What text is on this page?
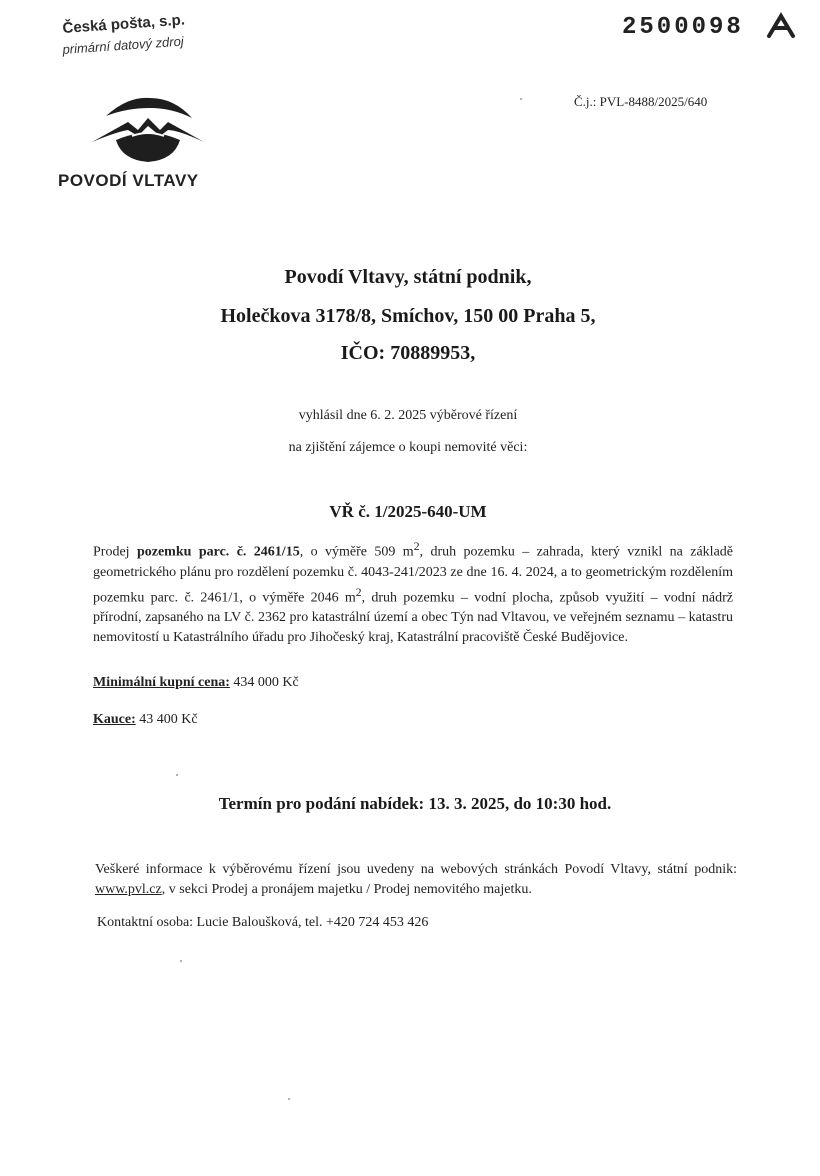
Česká pošta, s.p.
primární datový zdroj
2500098
Č.j.: PVL-8488/2025/640
POVODÍ VLTAVY
Povodí Vltavy, státní podnik,
Holečkova 3178/8, Smíchov, 150 00 Praha 5,
IČO: 70889953,
vyhlásil dne 6. 2. 2025 výběrové řízení
na zjištění zájemce o koupi nemovité věci:
VŘ č. 1/2025-640-UM
Prodej pozemku parc. č. 2461/15, o výměře 509 $m^2$, druh pozemku – zahrada, který vznikl na základě geometrického plánu pro rozdělení pozemku č. 4043-241/2023 ze dne 16. 4. 2024, a to geometrickým rozdělením pozemku parc. č. 2461/1, o výměře 2046 $m^2$, druh pozemku – vodní plocha, způsob využití – vodní nádrž přírodní, zapsaného na LV č. 2362 pro katastrální území a obec Týn nad Vltavou, ve veřejném seznamu – katastru nemovitostí u Katastrálního úřadu pro Jihočeský kraj, Katastrální pracoviště České Budějovice.
Minimální kupní cena: 434 000 Kč
Kauce: 43 400 Kč
Termín pro podání nabídek: 13. 3. 2025, do 10:30 hod.
Veškeré informace k výběrovému řízení jsou uvedeny na webových stránkách Povodí Vltavy, státní podnik: www.pvl.cz, v sekci Prodej a pronájem majetku / Prodej nemovitého majetku.
Kontaktní osoba: Lucie Baloušková, tel. +420 724 453 426
